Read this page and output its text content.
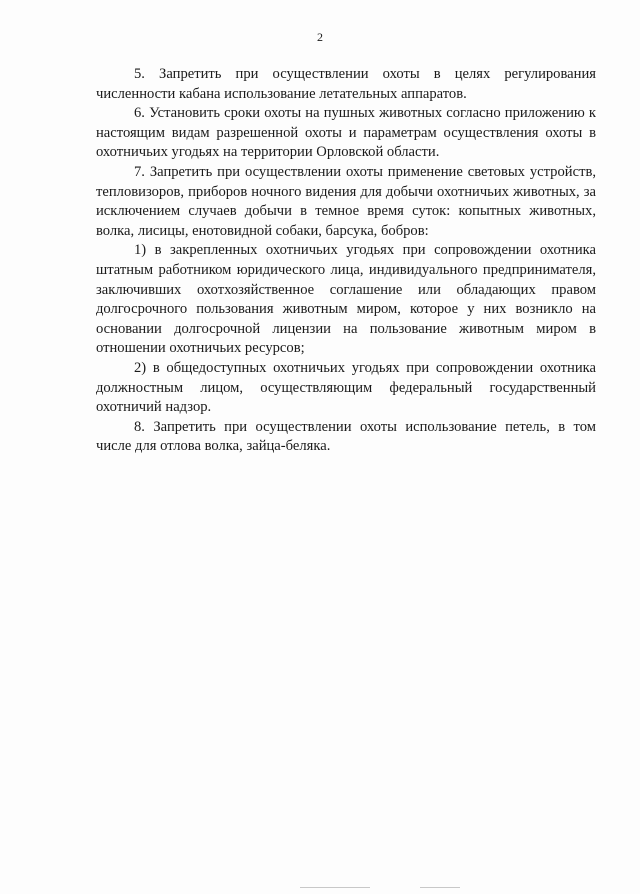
2

5. Запретить при осуществлении охоты в целях регулирования численности кабана использование летательных аппаратов.

6. Установить сроки охоты на пушных животных согласно приложению к настоящим видам разрешенной охоты и параметрам осуществления охоты в охотничьих угодьях на территории Орловской области.

7. Запретить при осуществлении охоты применение световых устройств, тепловизоров, приборов ночного видения для добычи охотничьих животных, за исключением случаев добычи в темное время суток: копытных животных, волка, лисицы, енотовидной собаки, барсука, бобров:

1) в закрепленных охотничьих угодьях при сопровождении охотника штатным работником юридического лица, индивидуального предпринимателя, заключивших охотхозяйственное соглашение или обладающих правом долгосрочного пользования животным миром, которое у них возникло на основании долгосрочной лицензии на пользование животным миром в отношении охотничьих ресурсов;

2) в общедоступных охотничьих угодьях при сопровождении охотника должностным лицом, осуществляющим федеральный государственный охотничий надзор.

8. Запретить при осуществлении охоты использование петель, в том числе для отлова волка, зайца-беляка.
